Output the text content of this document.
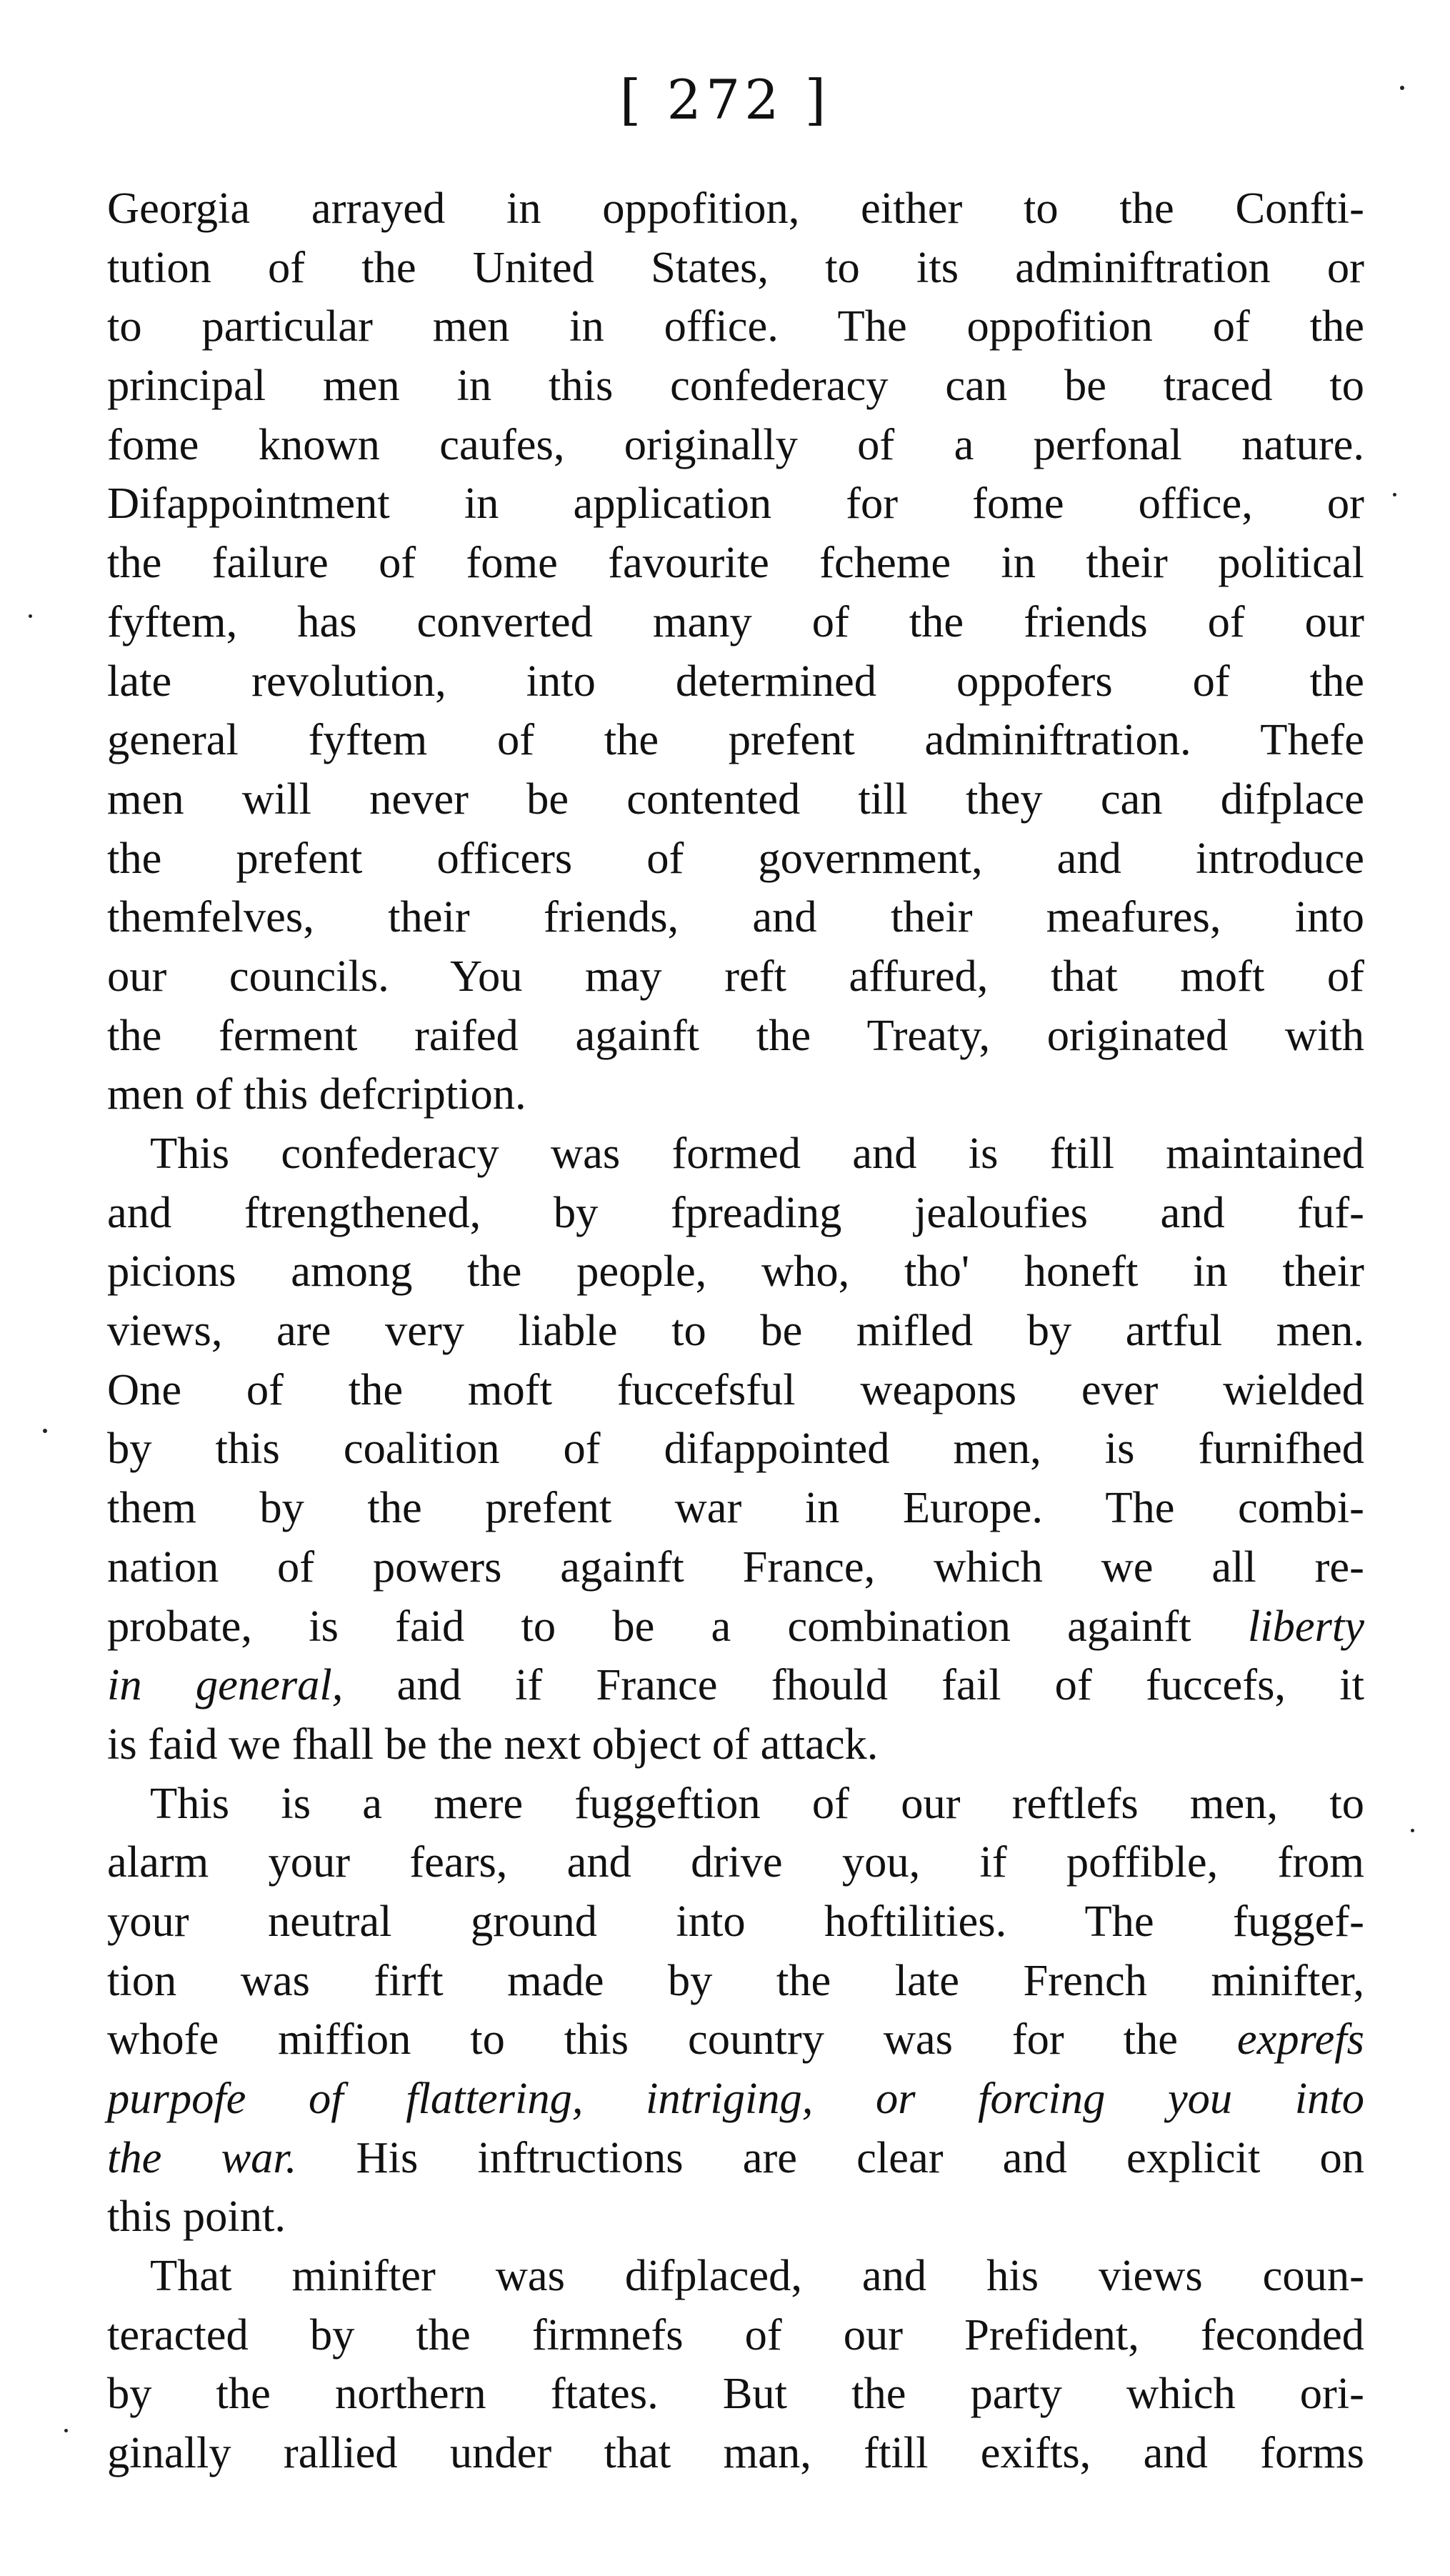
[ 272 ]
Georgia arrayed in oppofition, either to the Confti-
tution of the United States, to its adminiftration or
to particular men in office. The oppofition of the
principal men in this confederacy can be traced to
fome known caufes, originally of a perfonal nature.
Difappointment in application for fome office, or
the failure of fome favourite fcheme in their political
fyftem, has converted many of the friends of our
late revolution, into determined oppofers of the
general fyftem of the prefent adminiftration. Thefe
men will never be contented till they can difplace
the prefent officers of government, and introduce
themfelves, their friends, and their meafures, into
our councils. You may reft affured, that moft of
the ferment raifed againft the Treaty, originated with
men of this defcription.
This confederacy was formed and is ftill maintained
and ftrengthened, by fpreading jealoufies and fuf-
picions among the people, who, tho' honeft in their
views, are very liable to be mifled by artful men.
One of the moft fuccefsful weapons ever wielded
by this coalition of difappointed men, is furnifhed
them by the prefent war in Europe. The combi-
nation of powers againft France, which we all re-
probate, is faid to be a combination againft liberty
in general, and if France fhould fail of fuccefs, it
is faid we fhall be the next object of attack.
This is a mere fuggeftion of our reftlefs men, to
alarm your fears, and drive you, if poffible, from
your neutral ground into hoftilities. The fuggef-
tion was firft made by the late French minifter,
whofe miffion to this country was for the exprefs
purpofe of flattering, intriging, or forcing you into
the war. His inftructions are clear and explicit on
this point.
That minifter was difplaced, and his views coun-
teracted by the firmnefs of our Prefident, feconded
by the northern ftates. But the party which ori-
ginally rallied under that man, ftill exifts, and forms
